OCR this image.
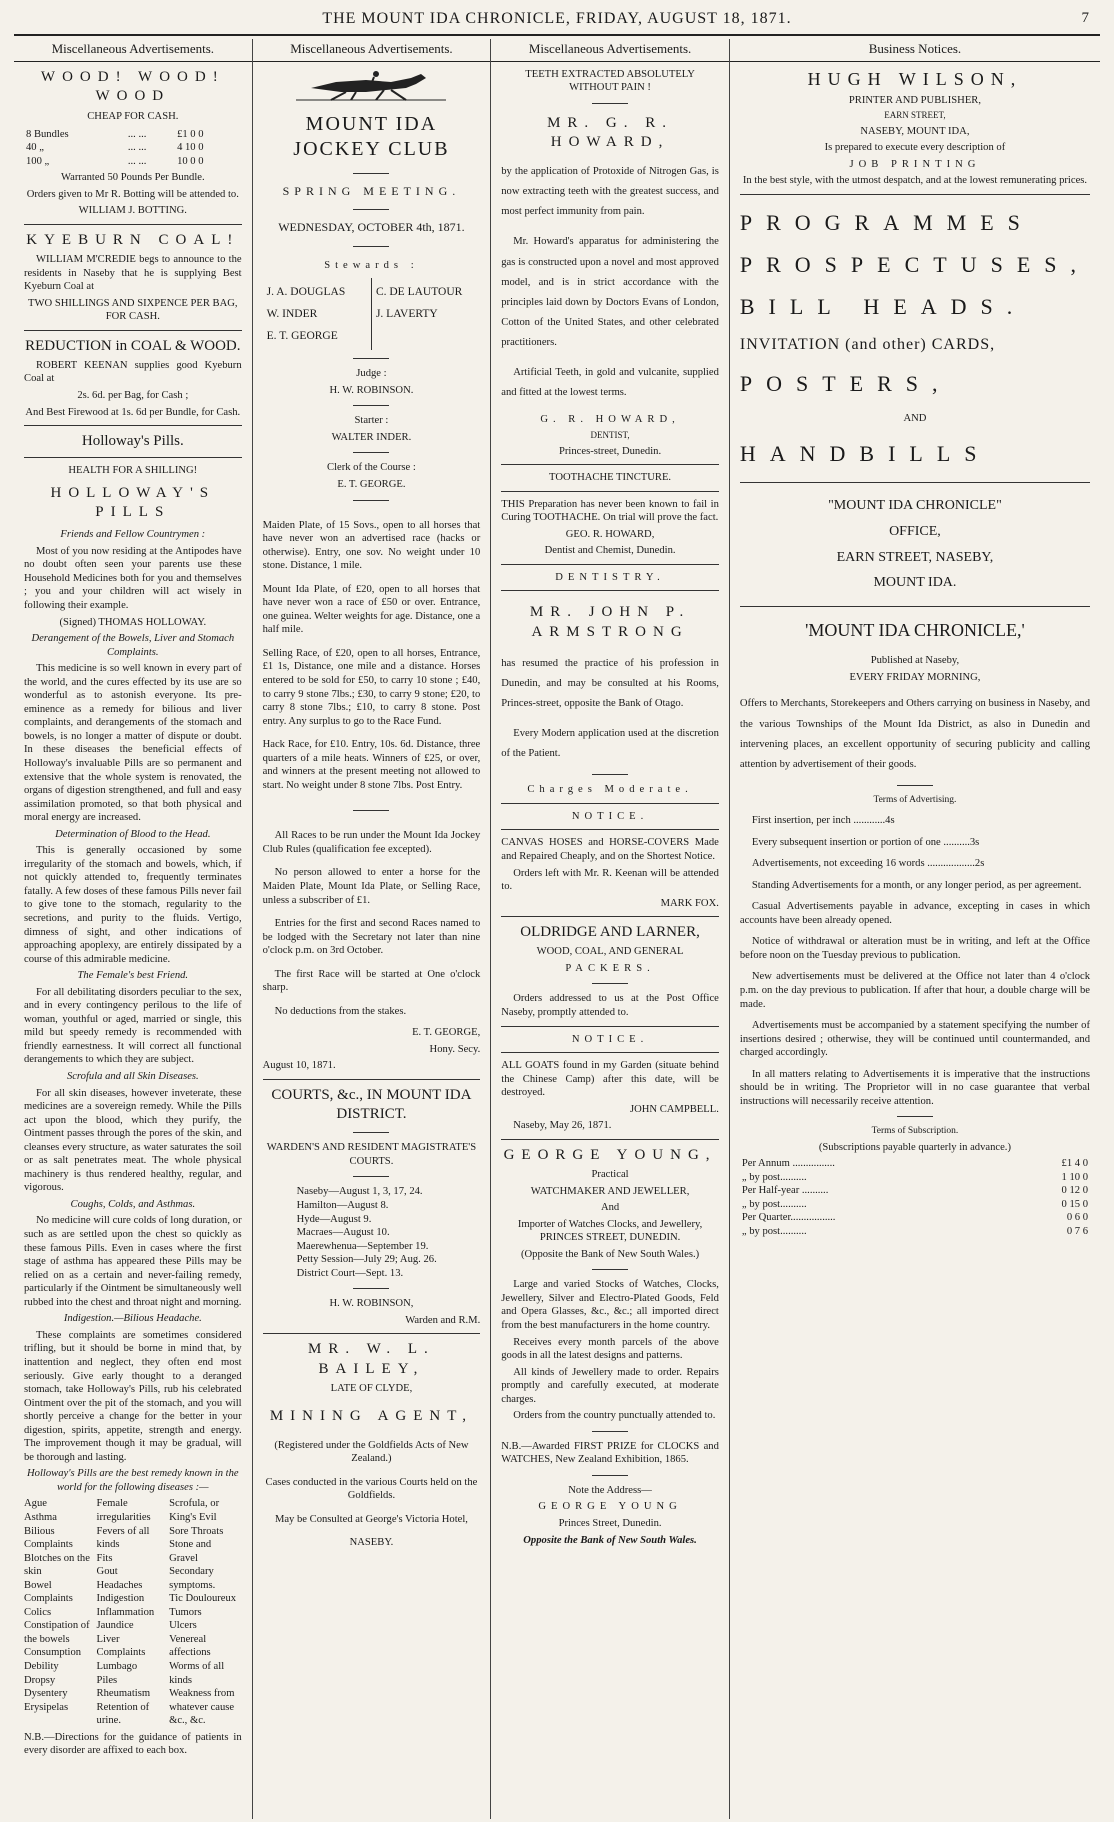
THE MOUNT IDA CHRONICLE, FRIDAY, AUGUST 18, 1871.	7
Miscellaneous Advertisements.
WOOD! WOOD! WOOD
CHEAP FOR CASH.
8 Bundles	... ...	£1 0 0
40 „	... ...	4 10 0
100 „	... ...	10 0 0

Warranted 50 Pounds Per Bundle.

Orders given to Mr R. Botting will be attended to.

WILLIAM J. BOTTING.

KYEBURN COAL!

WILLIAM M'CREDIE begs to announce to the residents in Naseby that he is supplying Best Kyeburn Coal at

TWO SHILLINGS AND SIXPENCE PER BAG, FOR CASH.

REDUCTION in COAL & WOOD.

ROBERT KEENAN supplies good Kyeburn Coal at

2s. 6d. per Bag, for Cash ;

And Best Firewood at 1s. 6d per Bundle, for Cash.

Holloway's Pills.
HEALTH FOR A SHILLING!
HOLLOWAY'S PILLS

Friends and Fellow Countrymen :

Most of you now residing at the Antipodes have no doubt often seen your parents use these Household Medicines both for you and themselves ; you and your children will act wisely in following their example.

(Signed) THOMAS HOLLOWAY.

Derangement of the Bowels, Liver and Stomach Complaints.

This medicine is so well known in every part of the world, and the cures effected by its use are so wonderful as to astonish everyone. Its pre-eminence as a remedy for bilious and liver complaints, and derangements of the stomach and bowels, is no longer a matter of dispute or doubt. In these diseases the beneficial effects of Holloway's invaluable Pills are so permanent and extensive that the whole system is renovated, the organs of digestion strengthened, and full and easy assimilation promoted, so that both physical and moral energy are increased.

Determination of Blood to the Head.

This is generally occasioned by some irregularity of the stomach and bowels, which, if not quickly attended to, frequently terminates fatally. A few doses of these famous Pills never fail to give tone to the stomach, regularity to the secretions, and purity to the fluids. Vertigo, dimness of sight, and other indications of approaching apoplexy, are entirely dissipated by a course of this admirable medicine.

The Female's best Friend.

For all debilitating disorders peculiar to the sex, and in every contingency perilous to the life of woman, youthful or aged, married or single, this mild but speedy remedy is recommended with friendly earnestness. It will correct all functional derangements to which they are subject.

Scrofula and all Skin Diseases.

For all skin diseases, however inveterate, these medicines are a sovereign remedy. While the Pills act upon the blood, which they purify, the Ointment passes through the pores of the skin, and cleanses every structure, as water saturates the soil or as salt penetrates meat. The whole physical machinery is thus rendered healthy, regular, and vigorous.

Coughs, Colds, and Asthmas.

No medicine will cure colds of long duration, or such as are settled upon the chest so quickly as these famous Pills. Even in cases where the first stage of asthma has appeared these Pills may be relied on as a certain and never-failing remedy, particularly if the Ointment be simultaneously well rubbed into the chest and throat night and morning.

Indigestion.—Bilious Headache.

These complaints are sometimes considered trifling, but it should be borne in mind that, by inattention and neglect, they often end most seriously. Give early thought to a deranged stomach, take Holloway's Pills, rub his celebrated Ointment over the pit of the stomach, and you will shortly perceive a change for the better in your digestion, spirits, appetite, strength and energy. The improvement though it may be gradual, will be thorough and lasting.

Holloway's Pills are the best remedy known in the world for the following diseases :—

Ague
Asthma
Bilious Complaints
Blotches on the skin
Bowel Complaints
Colics
Constipation of the bowels
Consumption
Debility
Dropsy
Dysentery
Erysipelas
Female irregularities
Fevers of all kinds
Fits
Gout
Headaches
Indigestion
Inflammation
Jaundice
Liver Complaints
Lumbago
Piles
Rheumatism
Retention of urine.
Scrofula, or King's Evil
Sore Throats
Stone and Gravel
Secondary symptoms.
Tic Douloureux
Tumors
Ulcers
Venereal affections
Worms of all kinds
Weakness from whatever cause
&c., &c.

N.B.—Directions for the guidance of patients in every disorder are affixed to each box.

Miscellaneous Advertisements.
MOUNT IDA JOCKEY CLUB
SPRING MEETING.
WEDNESDAY, OCTOBER 4th, 1871.
Stewards :

J. A. DOUGLAS

W. INDER

E. T. GEORGE

C. DE LAUTOUR

J. LAVERTY

Judge :

H. W. ROBINSON.

Starter :

WALTER INDER.

Clerk of the Course :

E. T. GEORGE.

Maiden Plate, of 15 Sovs., open to all horses that have never won an advertised race (hacks or otherwise). Entry, one sov. No weight under 10 stone. Distance, 1 mile.

Mount Ida Plate, of £20, open to all horses that have never won a race of £50 or over. Entrance, one guinea. Welter weights for age. Distance, one a half mile.

Selling Race, of £20, open to all horses, Entrance, £1 1s, Distance, one mile and a distance. Horses entered to be sold for £50, to carry 10 stone ; £40, to carry 9 stone 7lbs.; £30, to carry 9 stone; £20, to carry 8 stone 7lbs.; £10, to carry 8 stone. Post entry. Any surplus to go to the Race Fund.

Hack Race, for £10. Entry, 10s. 6d. Distance, three quarters of a mile heats. Winners of £25, or over, and winners at the present meeting not allowed to start. No weight under 8 stone 7lbs. Post Entry.

All Races to be run under the Mount Ida Jockey Club Rules (qualification fee excepted).

No person allowed to enter a horse for the Maiden Plate, Mount Ida Plate, or Selling Race, unless a subscriber of £1.

Entries for the first and second Races named to be lodged with the Secretary not later than nine o'clock p.m. on 3rd October.

The first Race will be started at One o'clock sharp.

No deductions from the stakes.

E. T. GEORGE,

Hony. Secy.

August 10, 1871.

COURTS, &c., IN MOUNT IDA DISTRICT.

WARDEN'S AND RESIDENT MAGISTRATE'S COURTS.

Naseby—August 1, 3, 17, 24.
Hamilton—August 8.
Hyde—August 9.
Macraes—August 10.
Maerewhenua—September 19.
Petty Session—July 29; Aug. 26.
District Court—Sept. 13.

H. W. ROBINSON,

Warden and R.M.

MR. W. L. BAILEY,

LATE OF CLYDE,

MINING AGENT,

(Registered under the Goldfields Acts of New Zealand.)

Cases conducted in the various Courts held on the Goldfields.

May be Consulted at George's Victoria Hotel,

NASEBY.

Miscellaneous Advertisements.

TEETH EXTRACTED ABSOLUTELY WITHOUT PAIN !

MR. G. R. HOWARD,

by the application of Protoxide of Nitrogen Gas, is now extracting teeth with the greatest success, and most perfect immunity from pain.

Mr. Howard's apparatus for administering the gas is constructed upon a novel and most approved model, and is in strict accordance with the principles laid down by Doctors Evans of London, Cotton of the United States, and other celebrated practitioners.

Artificial Teeth, in gold and vulcanite, supplied and fitted at the lowest terms.

G. R. HOWARD,

DENTIST,

Princes-street, Dunedin.

TOOTHACHE TINCTURE.

THIS Preparation has never been known to fail in Curing TOOTHACHE. On trial will prove the fact.

GEO. R. HOWARD,

Dentist and Chemist, Dunedin.

DENTISTRY.
MR. JOHN P. ARMSTRONG

has resumed the practice of his profession in Dunedin, and may be consulted at his Rooms, Princes-street, opposite the Bank of Otago.

Every Modern application used at the discretion of the Patient.

Charges Moderate.

NOTICE.

CANVAS HOSES and HORSE-COVERS Made and Repaired Cheaply, and on the Shortest Notice.

Orders left with Mr. R. Keenan will be attended to.

MARK FOX.

OLDRIDGE AND LARNER,

WOOD, COAL, AND GENERAL

PACKERS.

Orders addressed to us at the Post Office Naseby, promptly attended to.

NOTICE.

ALL GOATS found in my Garden (situate behind the Chinese Camp) after this date, will be destroyed.

JOHN CAMPBELL.

Naseby, May 26, 1871.

GEORGE YOUNG,

Practical

WATCHMAKER AND JEWELLER,

And

Importer of Watches Clocks, and Jewellery, PRINCES STREET, DUNEDIN.

(Opposite the Bank of New South Wales.)

Large and varied Stocks of Watches, Clocks, Jewellery, Silver and Electro-Plated Goods, Feld and Opera Glasses, &c., &c.; all imported direct from the best manufacturers in the home country.

Receives every month parcels of the above goods in all the latest designs and patterns.

All kinds of Jewellery made to order. Repairs promptly and carefully executed, at moderate charges.

Orders from the country punctually attended to.

N.B.—Awarded FIRST PRIZE for CLOCKS and WATCHES, New Zealand Exhibition, 1865.

Note the Address—

GEORGE YOUNG

Princes Street, Dunedin.

Opposite the Bank of New South Wales.

Business Notices.
HUGH WILSON,

PRINTER AND PUBLISHER,

EARN STREET,

NASEBY, MOUNT IDA,

Is prepared to execute every description of

JOB PRINTING

In the best style, with the utmost despatch, and at the lowest remunerating prices.

PROGRAMMES
PROSPECTUSES,
BILL HEADS.
INVITATION (and other) CARDS,
POSTERS,

AND

HANDBILLS
"MOUNT IDA CHRONICLE"
OFFICE,
EARN STREET, NASEBY,
MOUNT IDA.
'MOUNT IDA CHRONICLE,'

Published at Naseby,

EVERY FRIDAY MORNING,

Offers to Merchants, Storekeepers and Others carrying on business in Naseby, and the various Townships of the Mount Ida District, as also in Dunedin and intervening places, an excellent opportunity of securing publicity and calling attention by advertisement of their goods.

Terms of Advertising.

First insertion, per inch ............4s

Every subsequent insertion or portion of one ..........3s

Advertisements, not exceeding 16 words ..................2s

Standing Advertisements for a month, or any longer period, as per agreement.

Casual Advertisements payable in advance, excepting in cases in which accounts have been already opened.

Notice of withdrawal or alteration must be in writing, and left at the Office before noon on the Tuesday previous to publication.

New advertisements must be delivered at the Office not later than 4 o'clock p.m. on the day previous to publication. If after that hour, a double charge will be made.

Advertisements must be accompanied by a statement specifying the number of insertions desired ; otherwise, they will be continued until countermanded, and charged accordingly.

In all matters relating to Advertisements it is imperative that the instructions should be in writing. The Proprietor will in no case guarantee that verbal instructions will necessarily receive attention.

Terms of Subscription.

(Subscriptions payable quarterly in advance.)

Per Annum ................	£1 4 0
„ by post..........	1 10 0
Per Half-year ..........	0 12 0
„ by post..........	0 15 0
Per Quarter.................	0 6 0
„ by post..........	0 7 6
